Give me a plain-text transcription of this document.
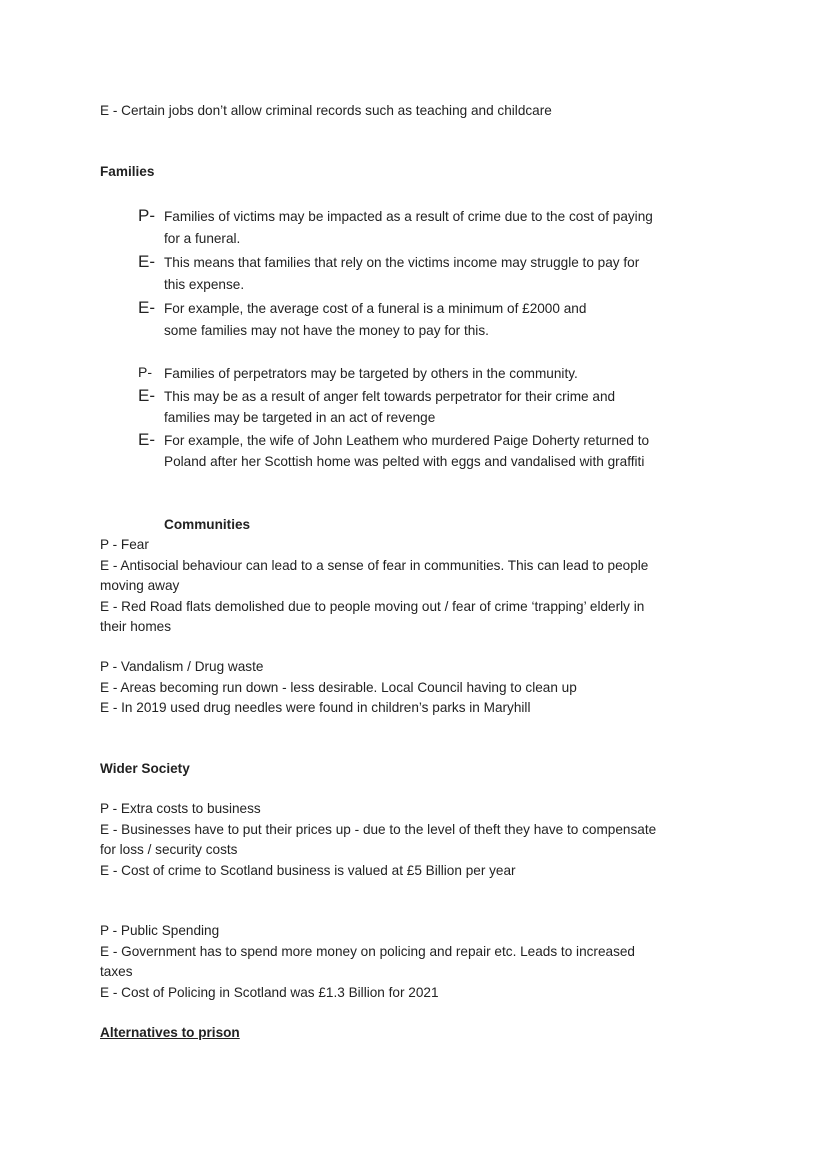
E - Certain jobs don’t allow criminal records such as teaching and childcare
Families
P- Families of victims may be impacted as a result of crime due to the cost of paying
for a funeral.
E- This means that families that rely on the victims income may struggle to pay for
this expense.
E- For example, the average cost of a funeral is a minimum of £2000 and
some families may not have the money to pay for this.
P- Families of perpetrators may be targeted by others in the community.
E- This may be as a result of anger felt towards perpetrator for their crime and
families may be targeted in an act of revenge
E- For example, the wife of John Leathem who murdered Paige Doherty returned to
Poland after her Scottish home was pelted with eggs and vandalised with graffiti
Communities
P - Fear
E - Antisocial behaviour can lead to a sense of fear in communities. This can lead to people
moving away
E - Red Road flats demolished due to people moving out / fear of crime ‘trapping’ elderly in
their homes
P - Vandalism / Drug waste
E - Areas becoming run down - less desirable. Local Council having to clean up
E - In 2019 used drug needles were found in children’s parks in Maryhill
Wider Society
P - Extra costs to business
E - Businesses have to put their prices up - due to the level of theft they have to compensate
for loss / security costs
E - Cost of crime to Scotland business is valued at £5 Billion per year
P - Public Spending
E - Government has to spend more money on policing and repair etc. Leads to increased
taxes
E - Cost of Policing in Scotland was £1.3 Billion for 2021
Alternatives to prison
